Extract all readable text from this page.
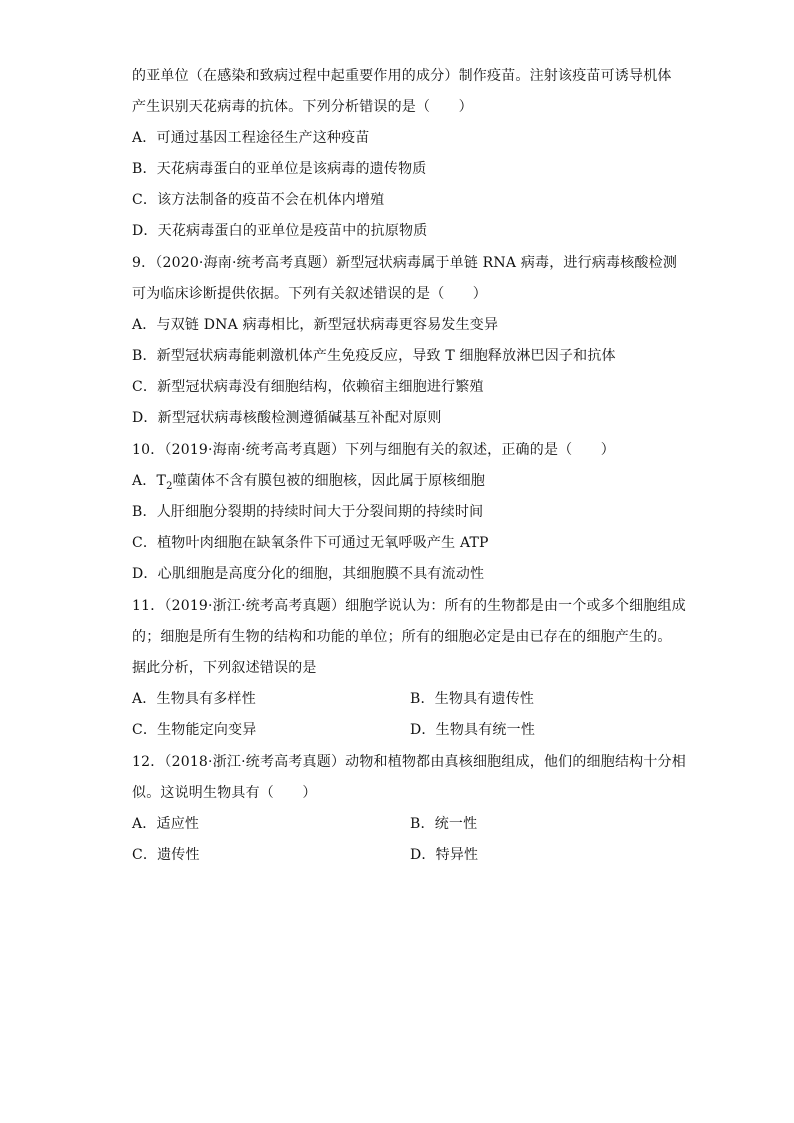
的亚单位（在感染和致病过程中起重要作用的成分）制作疫苗。注射该疫苗可诱导机体
产生识别天花病毒的抗体。下列分析错误的是（　　）
A．可通过基因工程途径生产这种疫苗
B．天花病毒蛋白的亚单位是该病毒的遗传物质
C．该方法制备的疫苗不会在机体内增殖
D．天花病毒蛋白的亚单位是疫苗中的抗原物质
9．（2020·海南·统考高考真题）新型冠状病毒属于单链 RNA 病毒，进行病毒核酸检测
可为临床诊断提供依据。下列有关叙述错误的是（　　）
A．与双链 DNA 病毒相比，新型冠状病毒更容易发生变异
B．新型冠状病毒能刺激机体产生免疫反应，导致 T 细胞释放淋巴因子和抗体
C．新型冠状病毒没有细胞结构，依赖宿主细胞进行繁殖
D．新型冠状病毒核酸检测遵循碱基互补配对原则
10．（2019·海南·统考高考真题）下列与细胞有关的叙述，正确的是（　　）
A．$T_2$噬菌体不含有膜包被的细胞核，因此属于原核细胞
B．人肝细胞分裂期的持续时间大于分裂间期的持续时间
C．植物叶肉细胞在缺氧条件下可通过无氧呼吸产生 ATP
D．心肌细胞是高度分化的细胞，其细胞膜不具有流动性
11．（2019·浙江·统考高考真题）细胞学说认为：所有的生物都是由一个或多个细胞组成
的；细胞是所有生物的结构和功能的单位；所有的细胞必定是由已存在的细胞产生的。
据此分析，下列叙述错误的是
A．生物具有多样性	B．生物具有遗传性
C．生物能定向变异	D．生物具有统一性
12．（2018·浙江·统考高考真题）动物和植物都由真核细胞组成，他们的细胞结构十分相
似。这说明生物具有（　　）
A．适应性	B．统一性
C．遗传性	D．特异性
